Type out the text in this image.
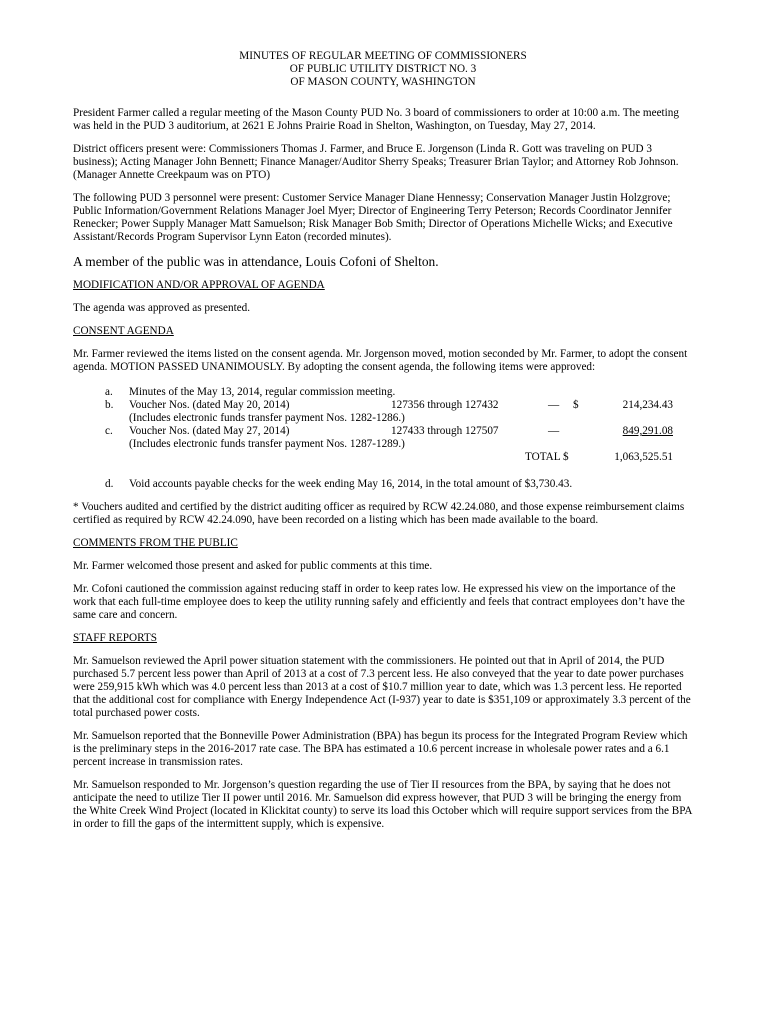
MINUTES OF REGULAR MEETING OF COMMISSIONERS
OF PUBLIC UTILITY DISTRICT NO. 3
OF MASON COUNTY, WASHINGTON

President Farmer called a regular meeting of the Mason County PUD No. 3 board of commissioners to order at 10:00 a.m. The meeting was held in the PUD 3 auditorium, at 2621 E Johns Prairie Road in Shelton, Washington, on Tuesday, May 27, 2014.

District officers present were: Commissioners Thomas J. Farmer, and Bruce E. Jorgenson (Linda R. Gott was traveling on PUD 3 business); Acting Manager John Bennett; Finance Manager/Auditor Sherry Speaks; Treasurer Brian Taylor; and Attorney Rob Johnson. (Manager Annette Creekpaum was on PTO)

The following PUD 3 personnel were present: Customer Service Manager Diane Hennessy; Conservation Manager Justin Holzgrove; Public Information/Government Relations Manager Joel Myer; Director of Engineering Terry Peterson; Records Coordinator Jennifer Renecker; Power Supply Manager Matt Samuelson; Risk Manager Bob Smith; Director of Operations Michelle Wicks; and Executive Assistant/Records Program Supervisor Lynn Eaton (recorded minutes).

A member of the public was in attendance, Louis Cofoni of Shelton.

MODIFICATION AND/OR APPROVAL OF AGENDA

The agenda was approved as presented.

CONSENT AGENDA

Mr. Farmer reviewed the items listed on the consent agenda. Mr. Jorgenson moved, motion seconded by Mr. Farmer, to adopt the consent agenda. MOTION PASSED UNANIMOUSLY. By adopting the consent agenda, the following items were approved:

a. Minutes of the May 13, 2014, regular commission meeting.
b. Voucher Nos. (dated May 20, 2014)	127356 through 127432	— $	214,234.43
(Includes electronic funds transfer payment Nos. 1282-1286.)
c. Voucher Nos. (dated May 27, 2014)	127433 through 127507	—	849,291.08
(Includes electronic funds transfer payment Nos. 1287-1289.)
TOTAL $	1,063,525.51
d. Void accounts payable checks for the week ending May 16, 2014, in the total amount of $3,730.43.

* Vouchers audited and certified by the district auditing officer as required by RCW 42.24.080, and those expense reimbursement claims certified as required by RCW 42.24.090, have been recorded on a listing which has been made available to the board.

COMMENTS FROM THE PUBLIC

Mr. Farmer welcomed those present and asked for public comments at this time.

Mr. Cofoni cautioned the commission against reducing staff in order to keep rates low. He expressed his view on the importance of the work that each full-time employee does to keep the utility running safely and efficiently and feels that contract employees don’t have the same care and concern.

STAFF REPORTS

Mr. Samuelson reviewed the April power situation statement with the commissioners. He pointed out that in April of 2014, the PUD purchased 5.7 percent less power than April of 2013 at a cost of 7.3 percent less. He also conveyed that the year to date power purchases were 259,915 kWh which was 4.0 percent less than 2013 at a cost of $10.7 million year to date, which was 1.3 percent less. He reported that the additional cost for compliance with Energy Independence Act (I-937) year to date is $351,109 or approximately 3.3 percent of the total purchased power costs.

Mr. Samuelson reported that the Bonneville Power Administration (BPA) has begun its process for the Integrated Program Review which is the preliminary steps in the 2016-2017 rate case. The BPA has estimated a 10.6 percent increase in wholesale power rates and a 6.1 percent increase in transmission rates.

Mr. Samuelson responded to Mr. Jorgenson’s question regarding the use of Tier II resources from the BPA, by saying that he does not anticipate the need to utilize Tier II power until 2016. Mr. Samuelson did express however, that PUD 3 will be bringing the energy from the White Creek Wind Project (located in Klickitat county) to serve its load this October which will require support services from the BPA in order to fill the gaps of the intermittent supply, which is expensive.
